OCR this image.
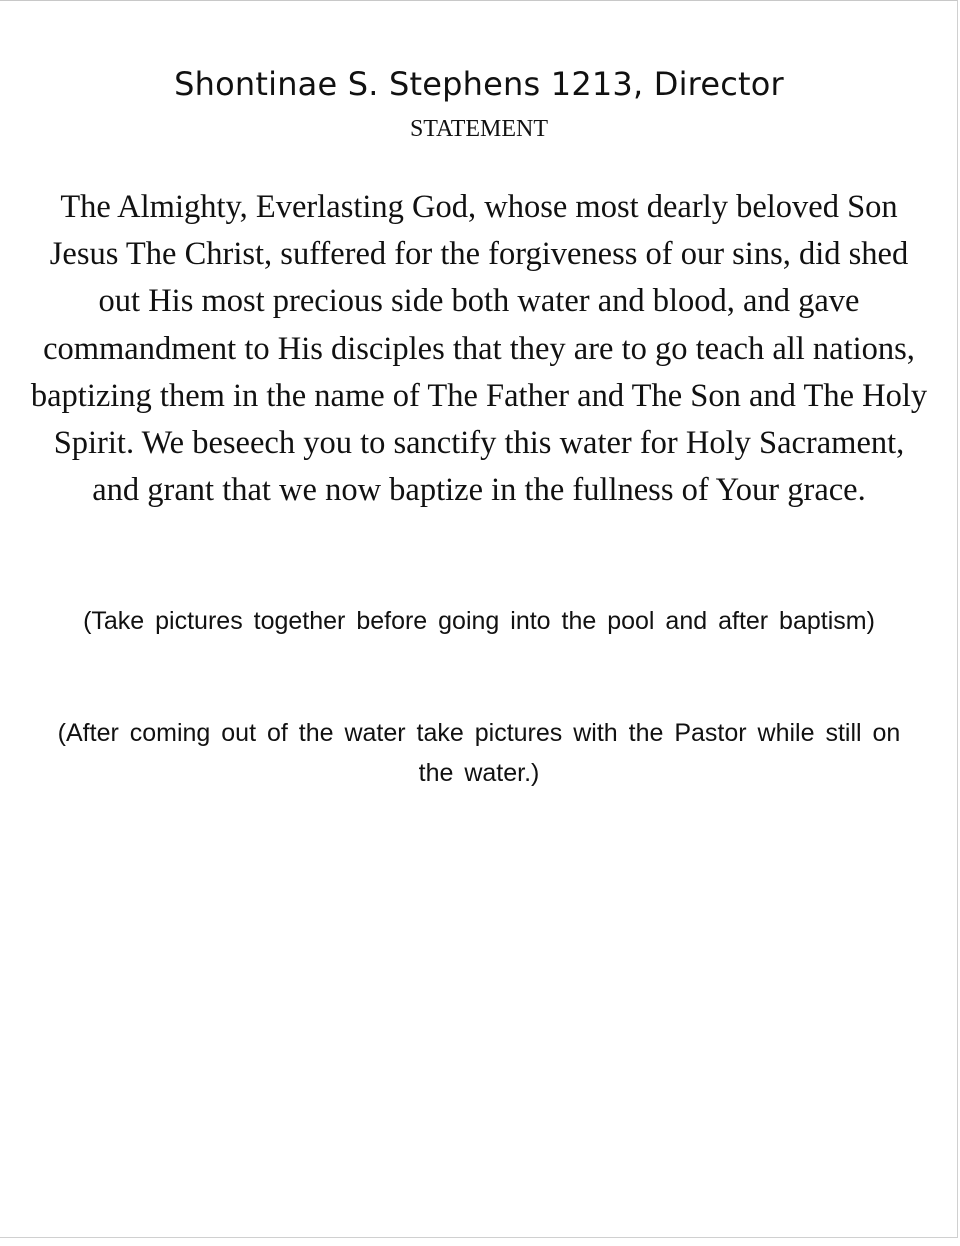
Shontinae S. Stephens 1213, Director
STATEMENT

The Almighty, Everlasting God, whose most dearly beloved Son Jesus The Christ, suffered for the forgiveness of our sins, did shed out His most precious side both water and blood, and gave commandment to His disciples that they are to go teach all nations, baptizing them in the name of The Father and The Son and The Holy Spirit. We beseech you to sanctify this water for Holy Sacrament, and grant that we now baptize in the fullness of Your grace.

(Take pictures together before going into the pool and after baptism)

(After coming out of the water take pictures with the Pastor while still on the water.)
